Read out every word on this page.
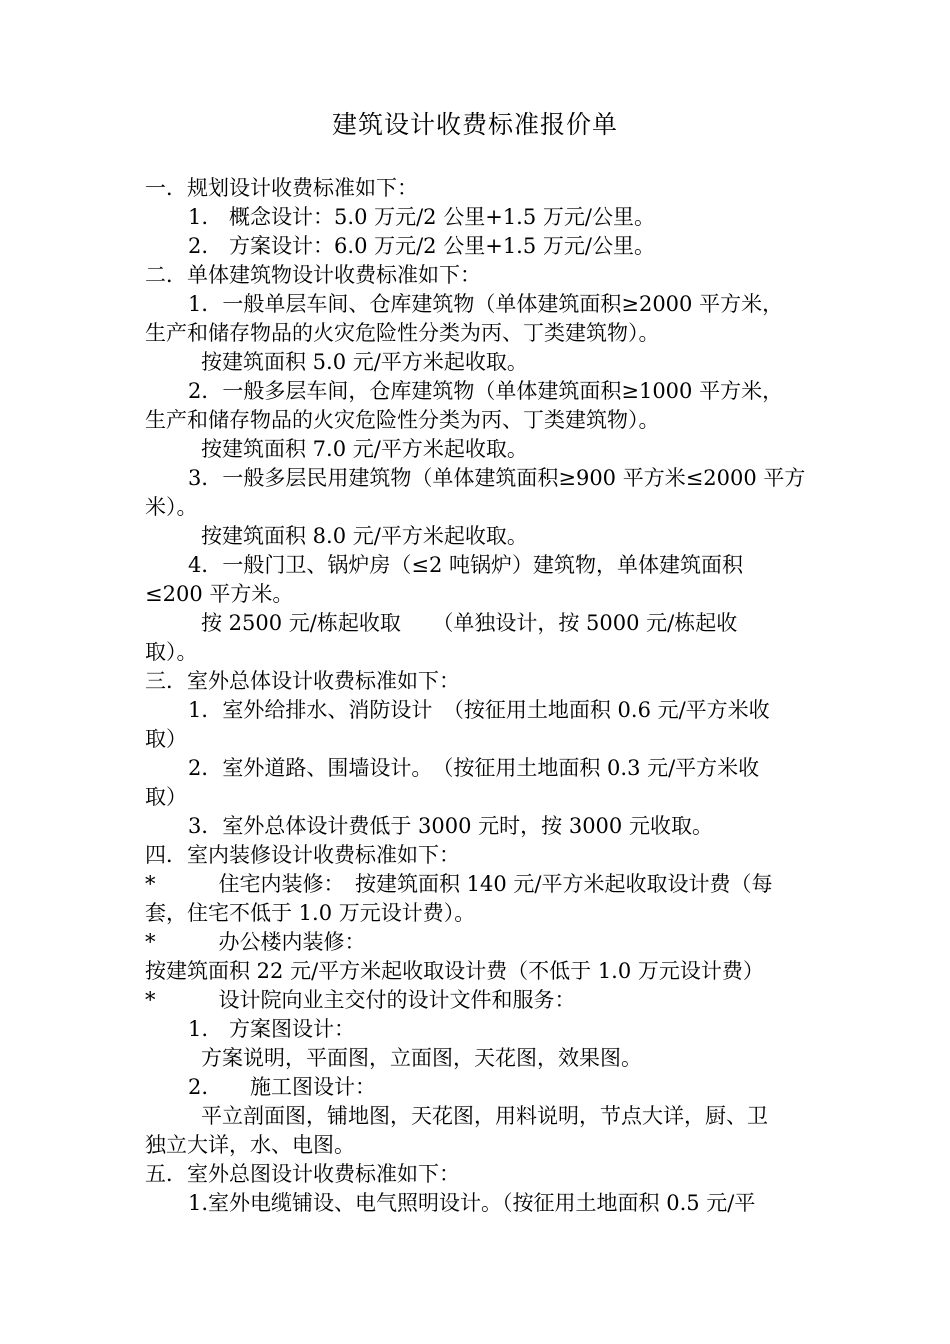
建筑设计收费标准报价单
一．规划设计收费标准如下：
1.　概念设计：5.0 万元/2 公里+1.5 万元/公里。
2.　方案设计：6.0 万元/2 公里+1.5 万元/公里。
二．单体建筑物设计收费标准如下：
1．一般单层车间、仓库建筑物（单体建筑面积≥2000 平方米，
生产和储存物品的火灾危险性分类为丙、丁类建筑物）。
按建筑面积 5.0 元/平方米起收取。
2．一般多层车间，仓库建筑物（单体建筑面积≥1000 平方米，
生产和储存物品的火灾危险性分类为丙、丁类建筑物）。
按建筑面积 7.0 元/平方米起收取。
3．一般多层民用建筑物（单体建筑面积≥900 平方米≤2000 平方
米）。
按建筑面积 8.0 元/平方米起收取。
4．一般门卫、锅炉房（≤2 吨锅炉）建筑物，单体建筑面积
≤200 平方米。
按 2500 元/栋起收取　　（单独设计，按 5000 元/栋起收
取）。
三．室外总体设计收费标准如下：
1．室外给排水、消防设计　（按征用土地面积 0.6 元/平方米收
取）
2．室外道路、围墙设计。　（按征用土地面积 0.3 元/平方米收
取）
3．室外总体设计费低于 3000 元时，按 3000 元收取。
四．室内装修设计收费标准如下：
*　　　住宅内装修：　按建筑面积 140 元/平方米起收取设计费（每
套，住宅不低于 1.0 万元设计费）。
*　　　办公楼内装修：
按建筑面积 22 元/平方米起收取设计费（不低于 1.0 万元设计费）
*　　　设计院向业主交付的设计文件和服务：
1.　方案图设计：
方案说明，平面图，立面图，天花图，效果图。
2.　　施工图设计：
平立剖面图，铺地图，天花图，用料说明，节点大详，厨、卫
独立大详，水、电图。
五．室外总图设计收费标准如下：
1.室外电缆铺设、电气照明设计。（按征用土地面积 0.5 元/平
